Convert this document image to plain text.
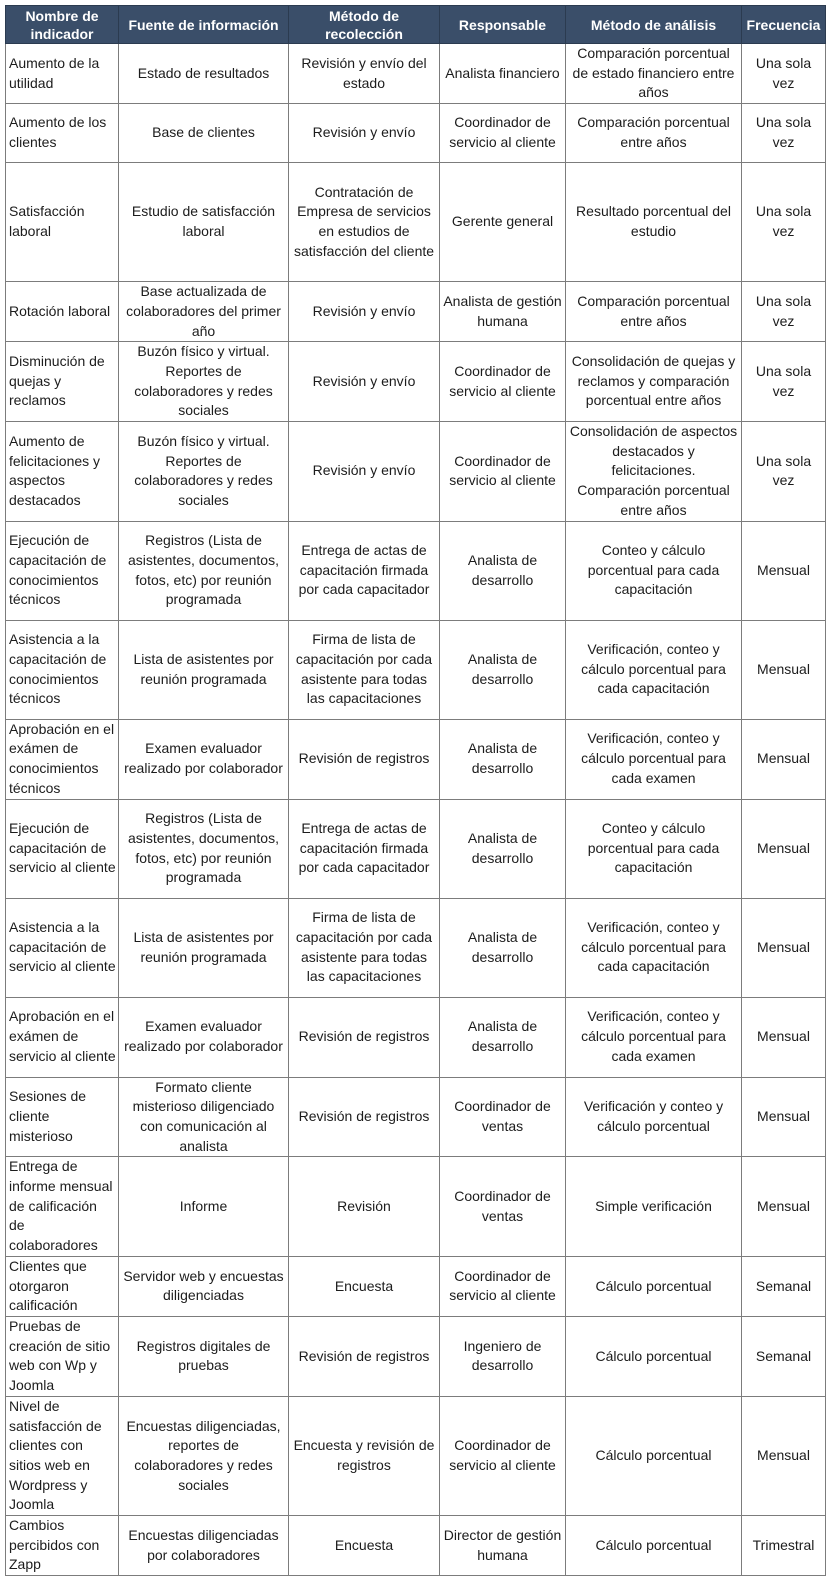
Nombre de indicador	Fuente de información	Método de recolección	Responsable	Método de análisis	Frecuencia
Aumento de la utilidad	Estado de resultados	Revisión y envío del estado	Analista financiero	Comparación porcentual de estado financiero entre años	Una sola vez
Aumento de los clientes	Base de clientes	Revisión y envío	Coordinador de servicio al cliente	Comparación porcentual entre años	Una sola vez
Satisfacción laboral	Estudio de satisfacción laboral	Contratación de Empresa de servicios en estudios de satisfacción del cliente	Gerente general	Resultado porcentual del estudio	Una sola vez
Rotación laboral	Base actualizada de colaboradores del primer año	Revisión y envío	Analista de gestión humana	Comparación porcentual entre años	Una sola vez
Disminución de quejas y reclamos	Buzón físico y virtual. Reportes de colaboradores y redes sociales	Revisión y envío	Coordinador de servicio al cliente	Consolidación de quejas y reclamos y comparación porcentual entre años	Una sola vez
Aumento de felicitaciones y aspectos destacados	Buzón físico y virtual. Reportes de colaboradores y redes sociales	Revisión y envío	Coordinador de servicio al cliente	Consolidación de aspectos destacados y felicitaciones. Comparación porcentual entre años	Una sola vez
Ejecución de capacitación de conocimientos técnicos	Registros (Lista de asistentes, documentos, fotos, etc) por reunión programada	Entrega de actas de capacitación firmada por cada capacitador	Analista de desarrollo	Conteo y cálculo porcentual para cada capacitación	Mensual
Asistencia a la capacitación de conocimientos técnicos	Lista de asistentes por reunión programada	Firma de lista de capacitación por cada asistente para todas las capacitaciones	Analista de desarrollo	Verificación, conteo y cálculo porcentual para cada capacitación	Mensual
Aprobación en el exámen de conocimientos técnicos	Examen evaluador realizado por colaborador	Revisión de registros	Analista de desarrollo	Verificación, conteo y cálculo porcentual para cada examen	Mensual
Ejecución de capacitación de servicio al cliente	Registros (Lista de asistentes, documentos, fotos, etc) por reunión programada	Entrega de actas de capacitación firmada por cada capacitador	Analista de desarrollo	Conteo y cálculo porcentual para cada capacitación	Mensual
Asistencia a la capacitación de servicio al cliente	Lista de asistentes por reunión programada	Firma de lista de capacitación por cada asistente para todas las capacitaciones	Analista de desarrollo	Verificación, conteo y cálculo porcentual para cada capacitación	Mensual
Aprobación en el exámen de servicio al cliente	Examen evaluador realizado por colaborador	Revisión de registros	Analista de desarrollo	Verificación, conteo y cálculo porcentual para cada examen	Mensual
Sesiones de cliente misterioso	Formato cliente misterioso diligenciado con comunicación al analista	Revisión de registros	Coordinador de ventas	Verificación y conteo y cálculo porcentual	Mensual
Entrega de informe mensual de calificación de colaboradores	Informe	Revisión	Coordinador de ventas	Simple verificación	Mensual
Clientes que otorgaron calificación	Servidor web y encuestas diligenciadas	Encuesta	Coordinador de servicio al cliente	Cálculo porcentual	Semanal
Pruebas de creación de sitio web con Wp y Joomla	Registros digitales de pruebas	Revisión de registros	Ingeniero de desarrollo	Cálculo porcentual	Semanal
Nivel de satisfacción de clientes con sitios web en Wordpress y Joomla	Encuestas diligenciadas, reportes de colaboradores y redes sociales	Encuesta y revisión de registros	Coordinador de servicio al cliente	Cálculo porcentual	Mensual
Cambios percibidos con Zapp	Encuestas diligenciadas por colaboradores	Encuesta	Director de gestión humana	Cálculo porcentual	Trimestral
